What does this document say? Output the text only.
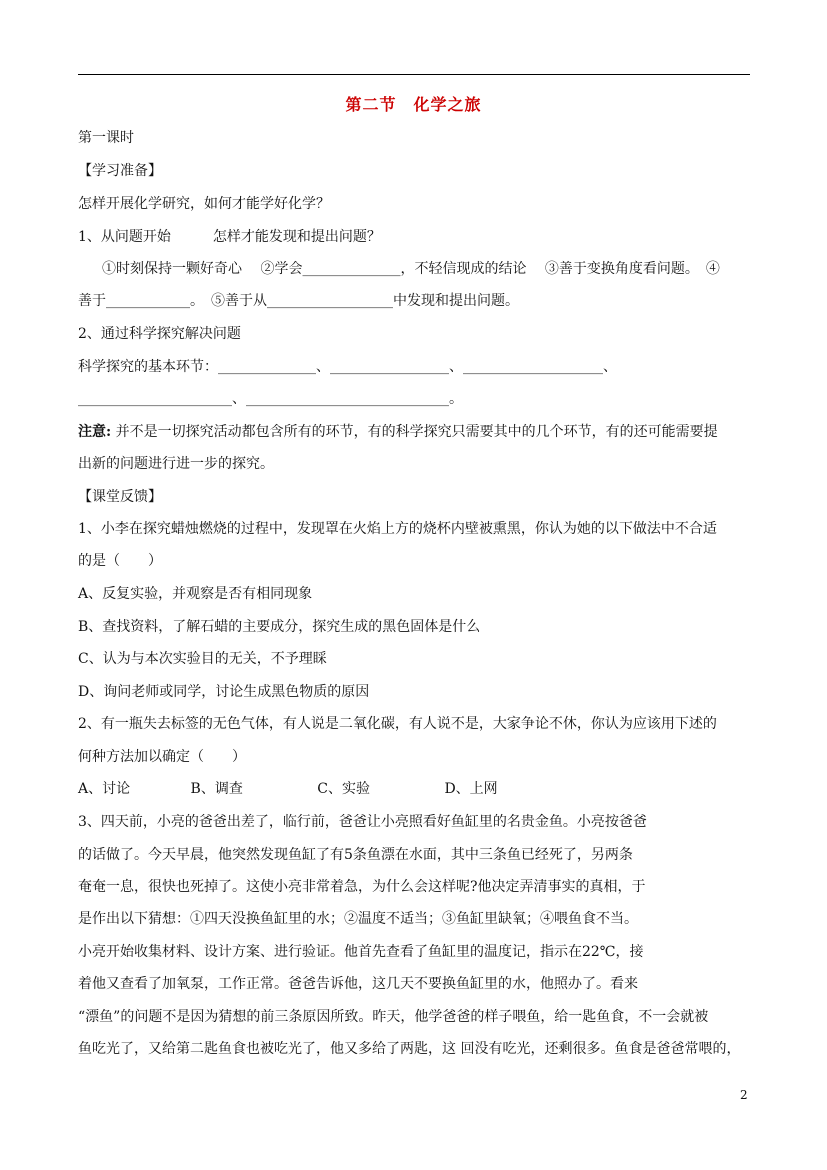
第二节　化学之旅
第一课时
【学习准备】
怎样开展化学研究，如何才能学好化学？
1、从问题开始　　　怎样才能发现和提出问题？
①时刻保持一颗好奇心　 ②学会______________，不轻信现成的结论　 ③善于变换角度看问题。　④
善于____________。　⑤善于从__________________中发现和提出问题。
2、通过科学探究解决问题
科学探究的基本环节：______________、_________________、____________________、
______________________、_____________________________。
注意: 并不是一切探究活动都包含所有的环节，有的科学探究只需要其中的几个环节，有的还可能需要提
出新的问题进行进一步的探究。
【课堂反馈】
1、小李在探究蜡烛燃烧的过程中，发现罩在火焰上方的烧杯内壁被熏黑，你认为她的以下做法中不合适
的是（　　）
A、反复实验，并观察是否有相同现象
B、查找资料，了解石蜡的主要成分，探究生成的黑色固体是什么
C、认为与本次实验目的无关，不予理睬
D、询问老师或同学，讨论生成黑色物质的原因
2、有一瓶失去标签的无色气体，有人说是二氧化碳，有人说不是，大家争论不休，你认为应该用下述的
何种方法加以确定（　　）
A、讨论　　　　 B、调查　　　　　 C、实验　　　　　 D、上网
3、四天前，小亮的爸爸出差了，临行前，爸爸让小亮照看好鱼缸里的名贵金鱼。小亮按爸爸
的话做了。今天早晨，他突然发现鱼缸了有5条鱼漂在水面，其中三条鱼已经死了，另两条
奄奄一息，很快也死掉了。这使小亮非常着急，为什么会这样呢?他决定弄清事实的真相，于
是作出以下猜想：①四天没换鱼缸里的水；②温度不适当；③鱼缸里缺氧；④喂鱼食不当。
小亮开始收集材料、设计方案、进行验证。他首先查看了鱼缸里的温度记，指示在22℃，接
着他又查看了加氧泵，工作正常。爸爸告诉他，这几天不要换鱼缸里的水，他照办了。看来
“漂鱼”的问题不是因为猜想的前三条原因所致。昨天，他学爸爸的样子喂鱼，给一匙鱼食，不一会就被
鱼吃光了，又给第二匙鱼食也被吃光了，他又多给了两匙，这 回没有吃光，还剩很多。鱼食是爸爸常喂的，
2
